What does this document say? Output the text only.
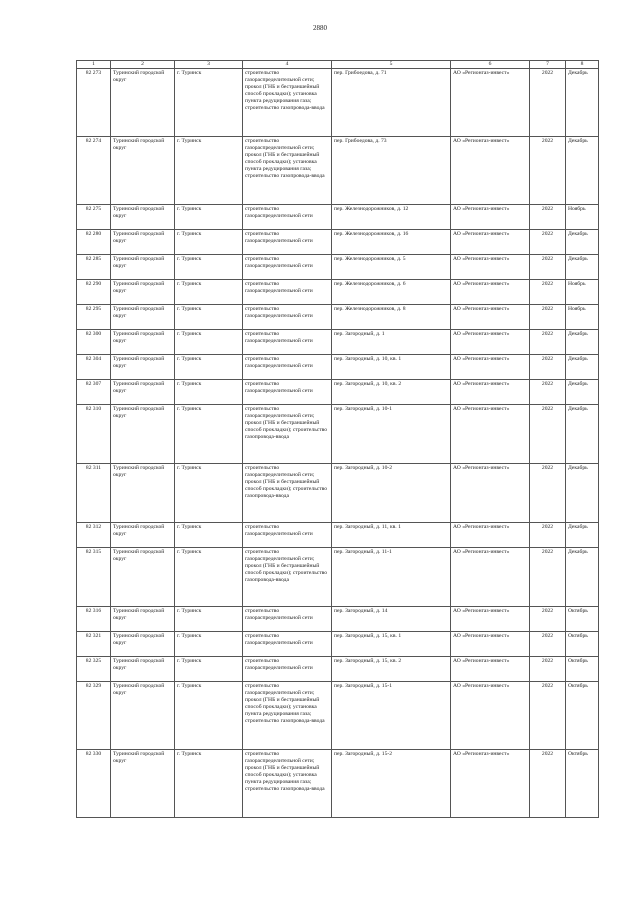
2880
1	2	3	4	5	6	7	8
82 273	Туринский городской округ	г. Туринск	строительство газораспределительной сети; прокол (ГНБ и бестраншейный способ прокладки); установка пункта редуцирования газа; строительство газопровода-ввода	пер. Грибоедова, д. 71	АО «Регионгаз-инвест»	2022	Декабрь
82 274	Туринский городской округ	г. Туринск	строительство газораспределительной сети; прокол (ГНБ и бестраншейный способ прокладки); установка пункта редуцирования газа; строительство газопровода-ввода	пер. Грибоедова, д. 73	АО «Регионгаз-инвест»	2022	Декабрь
82 275	Туринский городской округ	г. Туринск	строительство газораспределительной сети	пер. Железнодорожников, д. 12	АО «Регионгаз-инвест»	2022	Ноябрь
82 280	Туринский городской округ	г. Туринск	строительство газораспределительной сети	пер. Железнодорожников, д. 16	АО «Регионгаз-инвест»	2022	Декабрь
82 285	Туринский городской округ	г. Туринск	строительство газораспределительной сети	пер. Железнодорожников, д. 5	АО «Регионгаз-инвест»	2022	Декабрь
82 290	Туринский городской округ	г. Туринск	строительство газораспределительной сети	пер. Железнодорожников, д. 6	АО «Регионгаз-инвест»	2022	Ноябрь
82 295	Туринский городской округ	г. Туринск	строительство газораспределительной сети	пер. Железнодорожников, д. 8	АО «Регионгаз-инвест»	2022	Ноябрь
82 300	Туринский городской округ	г. Туринск	строительство газораспределительной сети	пер. Загородный, д. 1	АО «Регионгаз-инвест»	2022	Декабрь
82 304	Туринский городской округ	г. Туринск	строительство газораспределительной сети	пер. Загородный, д. 10, кв. 1	АО «Регионгаз-инвест»	2022	Декабрь
82 307	Туринский городской округ	г. Туринск	строительство газораспределительной сети	пер. Загородный, д. 10, кв. 2	АО «Регионгаз-инвест»	2022	Декабрь
82 310	Туринский городской округ	г. Туринск	строительство газораспределительной сети; прокол (ГНБ и бестраншейный способ прокладки); строительство газопровода-ввода	пер. Загородный, д. 10-1	АО «Регионгаз-инвест»	2022	Декабрь
82 311	Туринский городской округ	г. Туринск	строительство газораспределительной сети; прокол (ГНБ и бестраншейный способ прокладки); строительство газопровода-ввода	пер. Загородный, д. 10-2	АО «Регионгаз-инвест»	2022	Декабрь
82 312	Туринский городской округ	г. Туринск	строительство газораспределительной сети	пер. Загородный, д. 11, кв. 1	АО «Регионгаз-инвест»	2022	Декабрь
82 315	Туринский городской округ	г. Туринск	строительство газораспределительной сети; прокол (ГНБ и бестраншейный способ прокладки); строительство газопровода-ввода	пер. Загородный, д. 11-1	АО «Регионгаз-инвест»	2022	Декабрь
82 316	Туринский городской округ	г. Туринск	строительство газораспределительной сети	пер. Загородный, д. 14	АО «Регионгаз-инвест»	2022	Октябрь
82 321	Туринский городской округ	г. Туринск	строительство газораспределительной сети	пер. Загородный, д. 15, кв. 1	АО «Регионгаз-инвест»	2022	Октябрь
82 325	Туринский городской округ	г. Туринск	строительство газораспределительной сети	пер. Загородный, д. 15, кв. 2	АО «Регионгаз-инвест»	2022	Октябрь
82 329	Туринский городской округ	г. Туринск	строительство газораспределительной сети; прокол (ГНБ и бестраншейный способ прокладки); установка пункта редуцирования газа; строительство газопровода-ввода	пер. Загородный, д. 15-1	АО «Регионгаз-инвест»	2022	Октябрь
82 330	Туринский городской округ	г. Туринск	строительство газораспределительной сети; прокол (ГНБ и бестраншейный способ прокладки); установка пункта редуцирования газа; строительство газопровода-ввода	пер. Загородный, д. 15-2	АО «Регионгаз-инвест»	2022	Октябрь
